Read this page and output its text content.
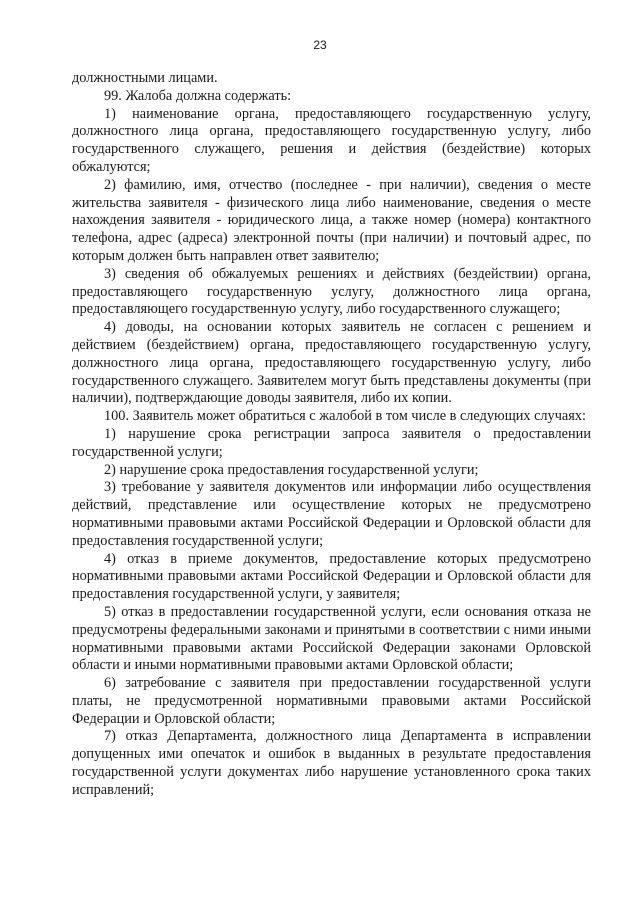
23

должностными лицами.

99. Жалоба должна содержать:

1) наименование органа, предоставляющего государственную услугу, должностного лица органа, предоставляющего государственную услугу, либо государственного служащего, решения и действия (бездействие) которых обжалуются;

2) фамилию, имя, отчество (последнее - при наличии), сведения о месте жительства заявителя - физического лица либо наименование, сведения о месте нахождения заявителя - юридического лица, а также номер (номера) контактного телефона, адрес (адреса) электронной почты (при наличии) и почтовый адрес, по которым должен быть направлен ответ заявителю;

3) сведения об обжалуемых решениях и действиях (бездействии) органа, предоставляющего государственную услугу, должностного лица органа, предоставляющего государственную услугу, либо государственного служащего;

4) доводы, на основании которых заявитель не согласен с решением и действием (бездействием) органа, предоставляющего государственную услугу, должностного лица органа, предоставляющего государственную услугу, либо государственного служащего. Заявителем могут быть представлены документы (при наличии), подтверждающие доводы заявителя, либо их копии.

100. Заявитель может обратиться с жалобой в том числе в следующих случаях:

1) нарушение срока регистрации запроса заявителя о предоставлении государственной услуги;

2) нарушение срока предоставления государственной услуги;

3) требование у заявителя документов или информации либо осуществления действий, представление или осуществление которых не предусмотрено нормативными правовыми актами Российской Федерации и Орловской области для предоставления государственной услуги;

4) отказ в приеме документов, предоставление которых предусмотрено нормативными правовыми актами Российской Федерации и Орловской области для предоставления государственной услуги, у заявителя;

5) отказ в предоставлении государственной услуги, если основания отказа не предусмотрены федеральными законами и принятыми в соответствии с ними иными нормативными правовыми актами Российской Федерации законами Орловской области и иными нормативными правовыми актами Орловской области;

6) затребование с заявителя при предоставлении государственной услуги платы, не предусмотренной нормативными правовыми актами Российской Федерации и Орловской области;

7) отказ Департамента, должностного лица Департамента в исправлении допущенных ими опечаток и ошибок в выданных в результате предоставления государственной услуги документах либо нарушение установленного срока таких исправлений;
